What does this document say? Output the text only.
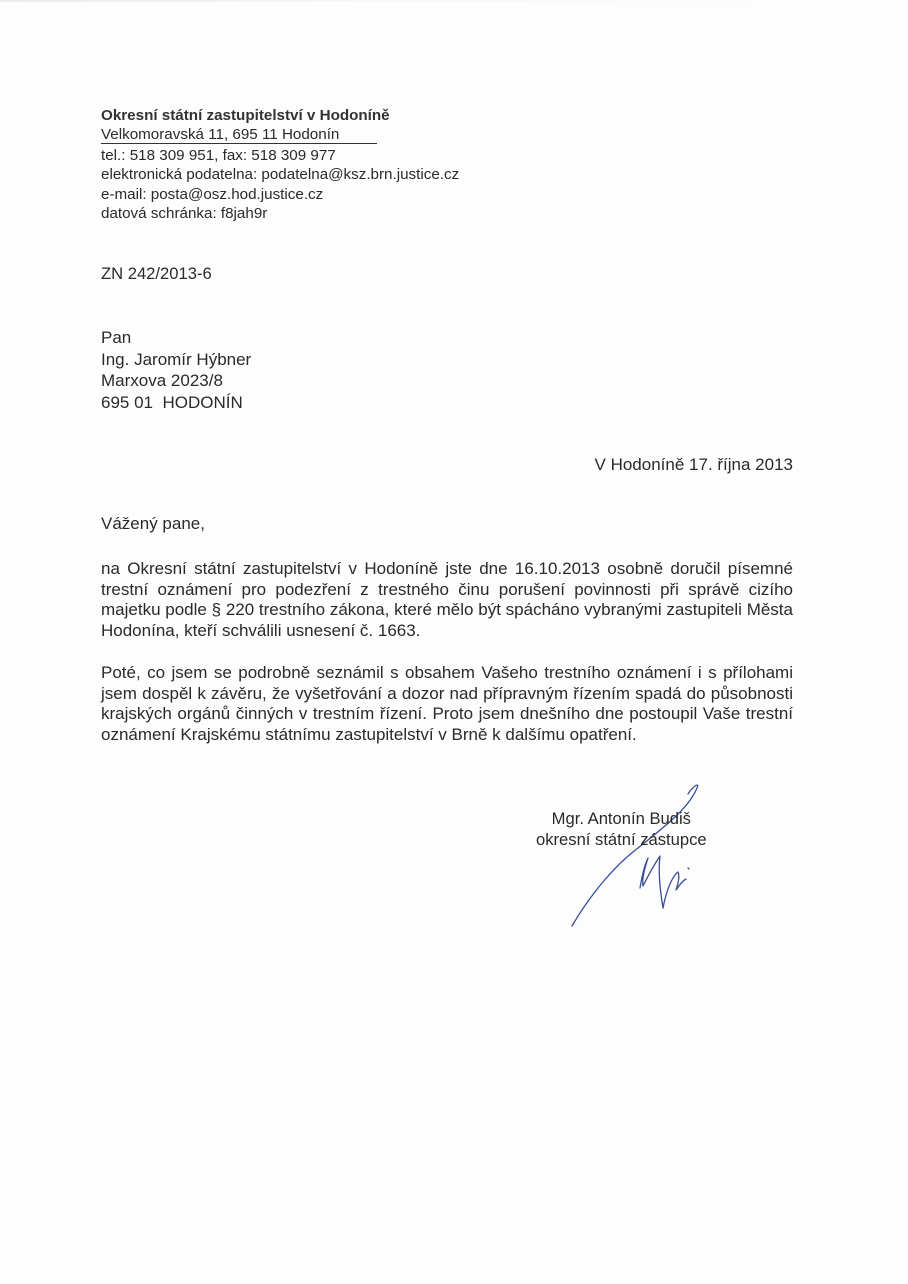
Okresní státní zastupitelství v Hodoníně
Velkomoravská 11, 695 11 Hodonín
tel.: 518 309 951, fax: 518 309 977
elektronická podatelna: podatelna@ksz.brn.justice.cz
e-mail: posta@osz.hod.justice.cz
datová schránka: f8jah9r
ZN 242/2013-6
Pan
Ing. Jaromír Hýbner
Marxova 2023/8
695 01  HODONÍN
V Hodoníně 17. října 2013
Vážený pane,
na Okresní státní zastupitelství v Hodoníně jste dne 16.10.2013 osobně doručil písemné trestní oznámení pro podezření z trestného činu porušení povinnosti při správě cizího majetku podle § 220 trestního zákona, které mělo být spácháno vybranými zastupiteli Města Hodonína, kteří schválili usnesení č. 1663.
Poté, co jsem se podrobně seznámil s obsahem Vašeho trestního oznámení i s přílohami jsem dospěl k závěru, že vyšetřování a dozor nad přípravným řízením spadá do působnosti krajských orgánů činných v trestním řízení. Proto jsem dnešního dne postoupil Vaše trestní oznámení Krajskému státnímu zastupitelství v Brně k dalšímu opatření.
Mgr. Antonín Budiš
okresní státní zástupce
